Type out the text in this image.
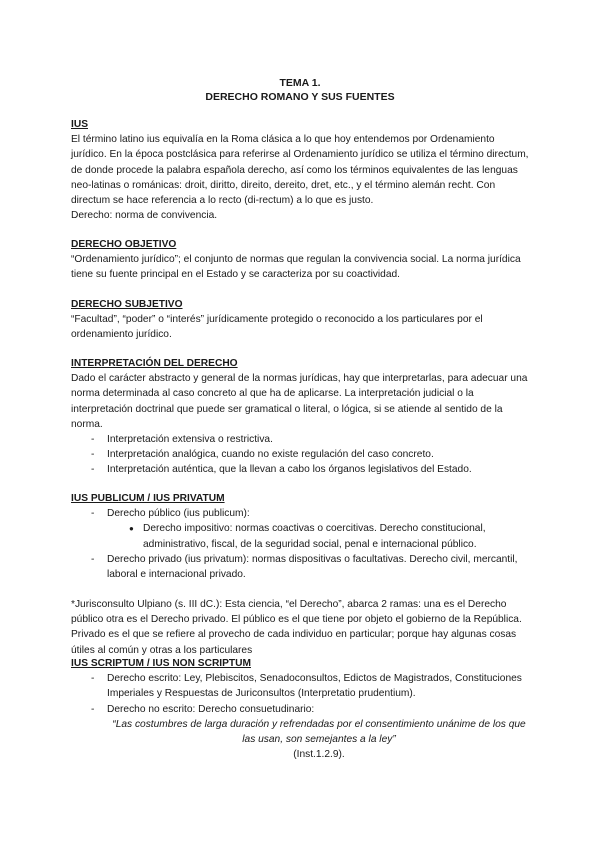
TEMA 1.
DERECHO ROMANO Y SUS FUENTES
IUS

El término latino ius equivalía en la Roma clásica a lo que hoy entendemos por Ordenamiento jurídico. En la época postclásica para referirse al Ordenamiento jurídico se utiliza el término directum, de donde procede la palabra española derecho, así como los términos equivalentes de las lenguas neo-latinas o románicas: droit, diritto, direito, dereito, dret, etc., y el término alemán recht. Con directum se hace referencia a lo recto (di-rectum) a lo que es justo.

Derecho: norma de convivencia.

DERECHO OBJETIVO

“Ordenamiento jurídico”; el conjunto de normas que regulan la convivencia social. La norma jurídica tiene su fuente principal en el Estado y se caracteriza por su coactividad.

DERECHO SUBJETIVO

“Facultad”, “poder” o “interés” jurídicamente protegido o reconocido a los particulares por el ordenamiento jurídico.

INTERPRETACIÓN DEL DERECHO

Dado el carácter abstracto y general de la normas jurídicas, hay que interpretarlas, para adecuar una norma determinada al caso concreto al que ha de aplicarse. La interpretación judicial o la interpretación doctrinal que puede ser gramatical o literal, o lógica, si se atiende al sentido de la norma.

- Interpretación extensiva o restrictiva.
- Interpretación analógica, cuando no existe regulación del caso concreto.
- Interpretación auténtica, que la llevan a cabo los órganos legislativos del Estado.
IUS PUBLICUM / IUS PRIVATUM
- Derecho público (ius publicum):
● Derecho impositivo: normas coactivas o coercitivas. Derecho constitucional, administrativo, fiscal, de la seguridad social, penal e internacional público.
- Derecho privado (ius privatum): normas dispositivas o facultativas. Derecho civil, mercantil, laboral e internacional privado.

*Jurisconsulto Ulpiano (s. III dC.): Esta ciencia, “el Derecho”, abarca 2 ramas: una es el Derecho público otra es el Derecho privado. El público es el que tiene por objeto el gobierno de la República. Privado es el que se refiere al provecho de cada individuo en particular; porque hay algunas cosas útiles al común y otras a los particulares

IUS SCRIPTUM / IUS NON SCRIPTUM
- Derecho escrito: Ley, Plebiscitos, Senadoconsultos, Edictos de Magistrados, Constituciones Imperiales y Respuestas de Juriconsultos (Interpretatio prudentium).
- Derecho no escrito: Derecho consuetudinario:
“Las costumbres de larga duración y refrendadas por el consentimiento unánime de los que las usan, son semejantes a la ley”
(Inst.1.2.9).
